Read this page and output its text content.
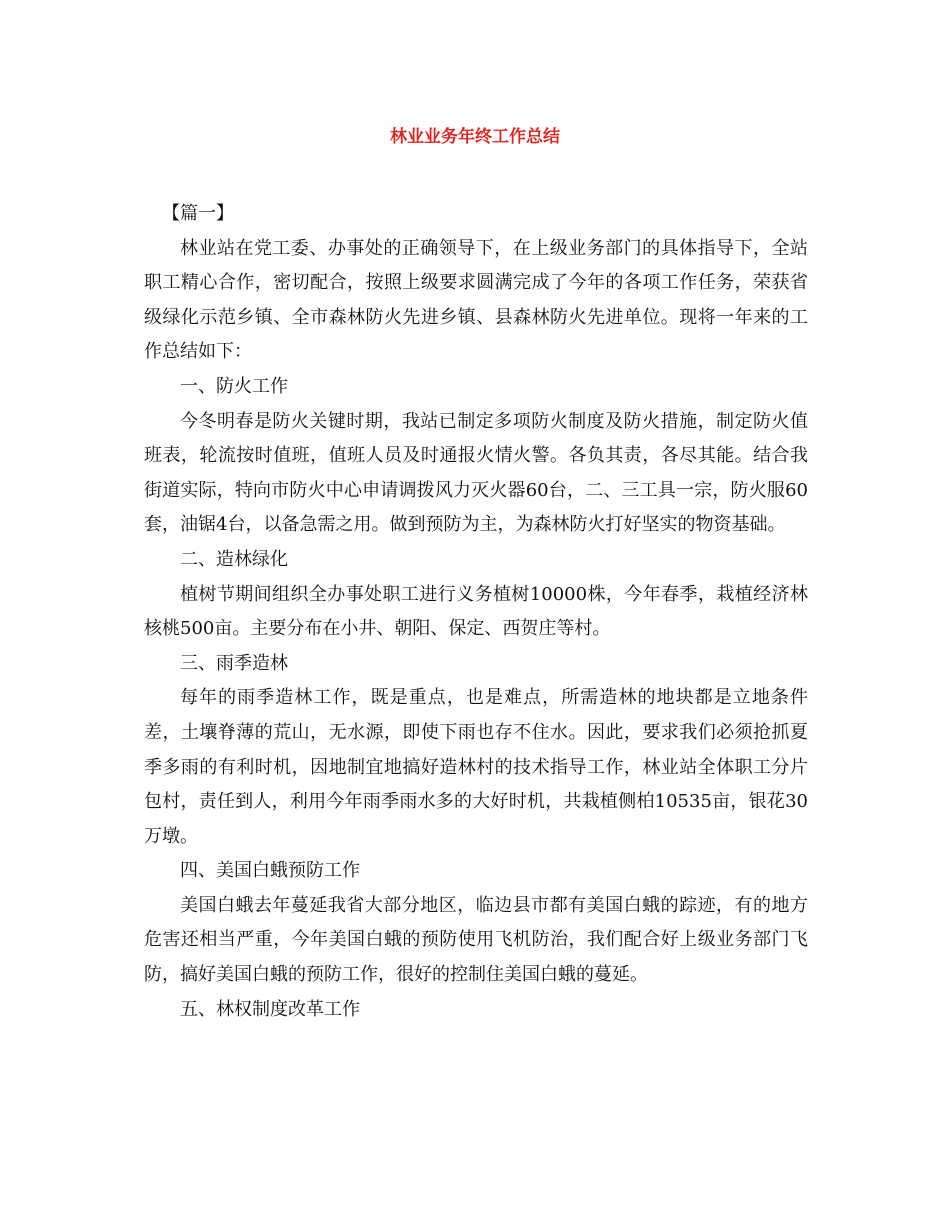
林业业务年终工作总结

【篇一】

林业站在党工委、办事处的正确领导下，在上级业务部门的具体指导下，全站职工精心合作，密切配合，按照上级要求圆满完成了今年的各项工作任务，荣获省级绿化示范乡镇、全市森林防火先进乡镇、县森林防火先进单位。现将一年来的工作总结如下：

一、防火工作

今冬明春是防火关键时期，我站已制定多项防火制度及防火措施，制定防火值班表，轮流按时值班，值班人员及时通报火情火警。各负其责，各尽其能。结合我街道实际，特向市防火中心申请调拨风力灭火器60台，二、三工具一宗，防火服60套，油锯4台，以备急需之用。做到预防为主，为森林防火打好坚实的物资基础。

二、造林绿化

植树节期间组织全办事处职工进行义务植树10000株，今年春季，栽植经济林核桃500亩。主要分布在小井、朝阳、保定、西贺庄等村。

三、雨季造林

每年的雨季造林工作，既是重点，也是难点，所需造林的地块都是立地条件差，土壤脊薄的荒山，无水源，即使下雨也存不住水。因此，要求我们必须抢抓夏季多雨的有利时机，因地制宜地搞好造林村的技术指导工作，林业站全体职工分片包村，责任到人，利用今年雨季雨水多的大好时机，共栽植侧柏10535亩，银花30万墩。

四、美国白蛾预防工作

美国白蛾去年蔓延我省大部分地区，临边县市都有美国白蛾的踪迹，有的地方危害还相当严重，今年美国白蛾的预防使用飞机防治，我们配合好上级业务部门飞防，搞好美国白蛾的预防工作，很好的控制住美国白蛾的蔓延。

五、林权制度改革工作
